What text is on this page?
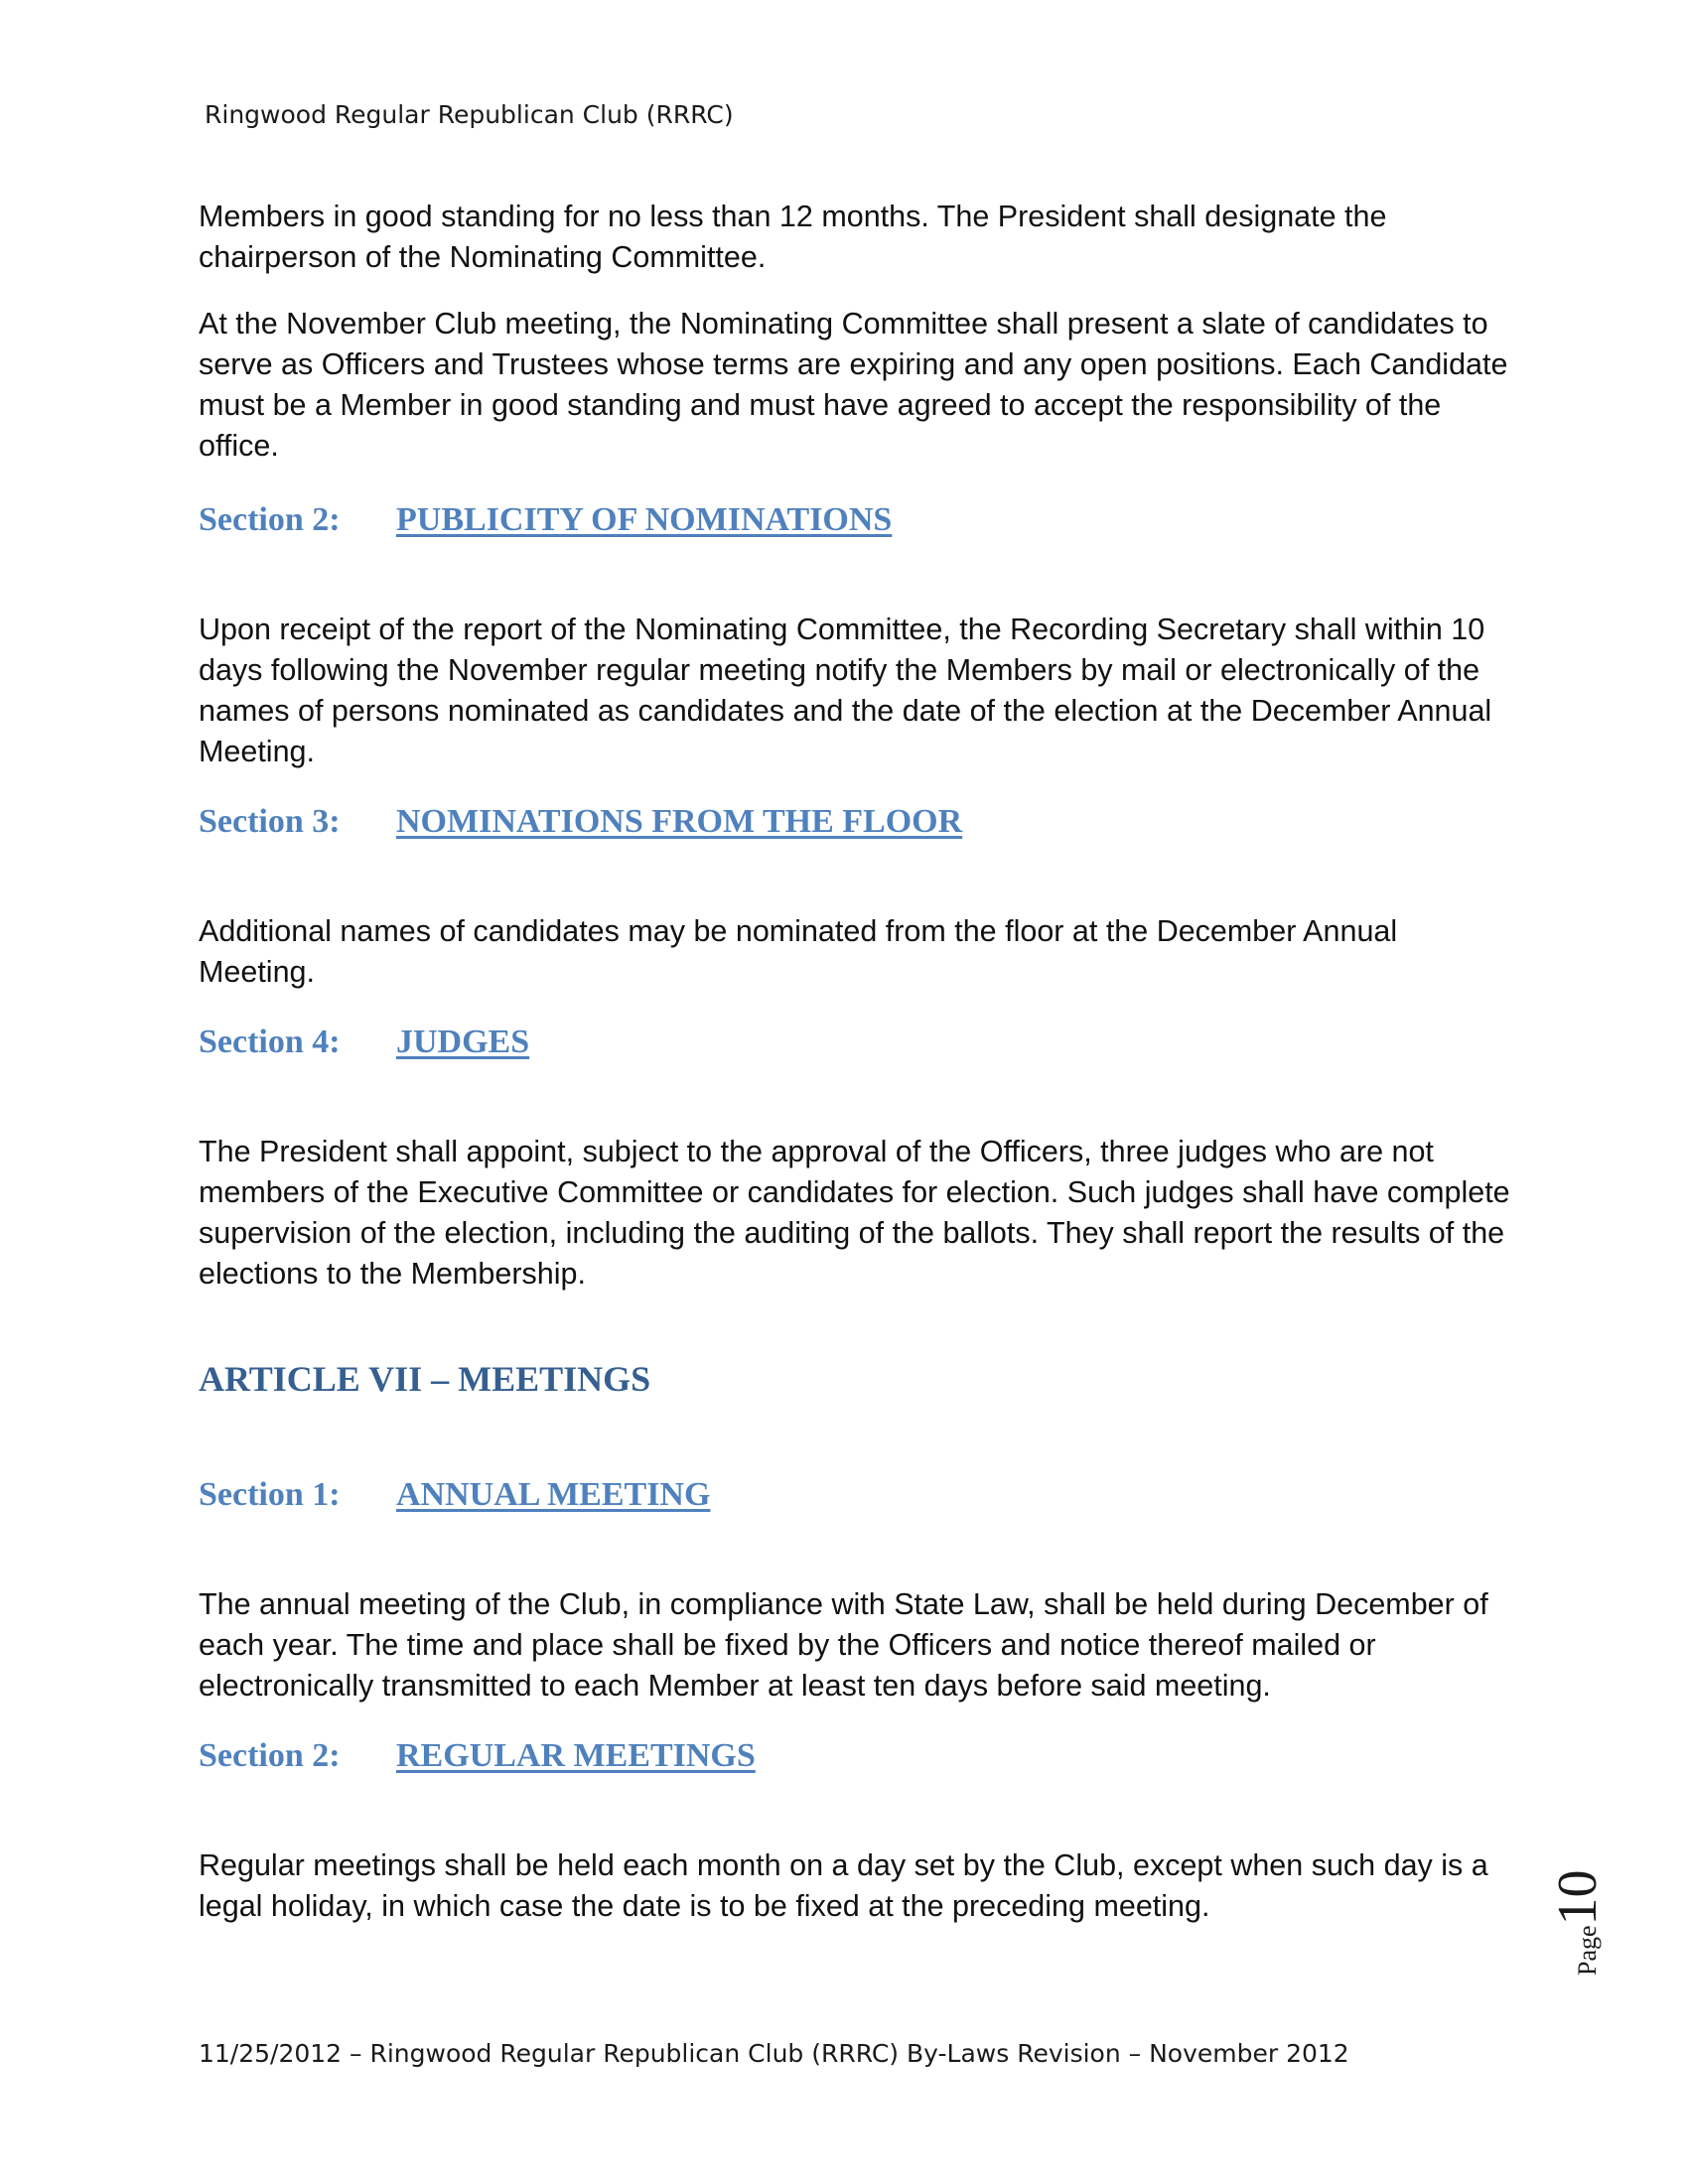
Ringwood Regular Republican Club (RRRC)

Members in good standing for no less than 12 months. The President shall designate the chairperson of the Nominating Committee.

At the November Club meeting, the Nominating Committee shall present a slate of candidates to serve as Officers and Trustees whose terms are expiring and any open positions. Each Candidate must be a Member in good standing and must have agreed to accept the responsibility of the office.

Section 2: PUBLICITY OF NOMINATIONS

Upon receipt of the report of the Nominating Committee, the Recording Secretary shall within 10 days following the November regular meeting notify the Members by mail or electronically of the names of persons nominated as candidates and the date of the election at the December Annual Meeting.

Section 3: NOMINATIONS FROM THE FLOOR

Additional names of candidates may be nominated from the floor at the December Annual Meeting.

Section 4: JUDGES

The President shall appoint, subject to the approval of the Officers, three judges who are not members of the Executive Committee or candidates for election. Such judges shall have complete supervision of the election, including the auditing of the ballots. They shall report the results of the elections to the Membership.

ARTICLE VII – MEETINGS
Section 1: ANNUAL MEETING

The annual meeting of the Club, in compliance with State Law, shall be held during December of each year. The time and place shall be fixed by the Officers and notice thereof mailed or electronically transmitted to each Member at least ten days before said meeting.

Section 2: REGULAR MEETINGS

Regular meetings shall be held each month on a day set by the Club, except when such day is a legal holiday, in which case the date is to be fixed at the preceding meeting.

Page10
11/25/2012 – Ringwood Regular Republican Club (RRRC) By-Laws Revision – November 2012
